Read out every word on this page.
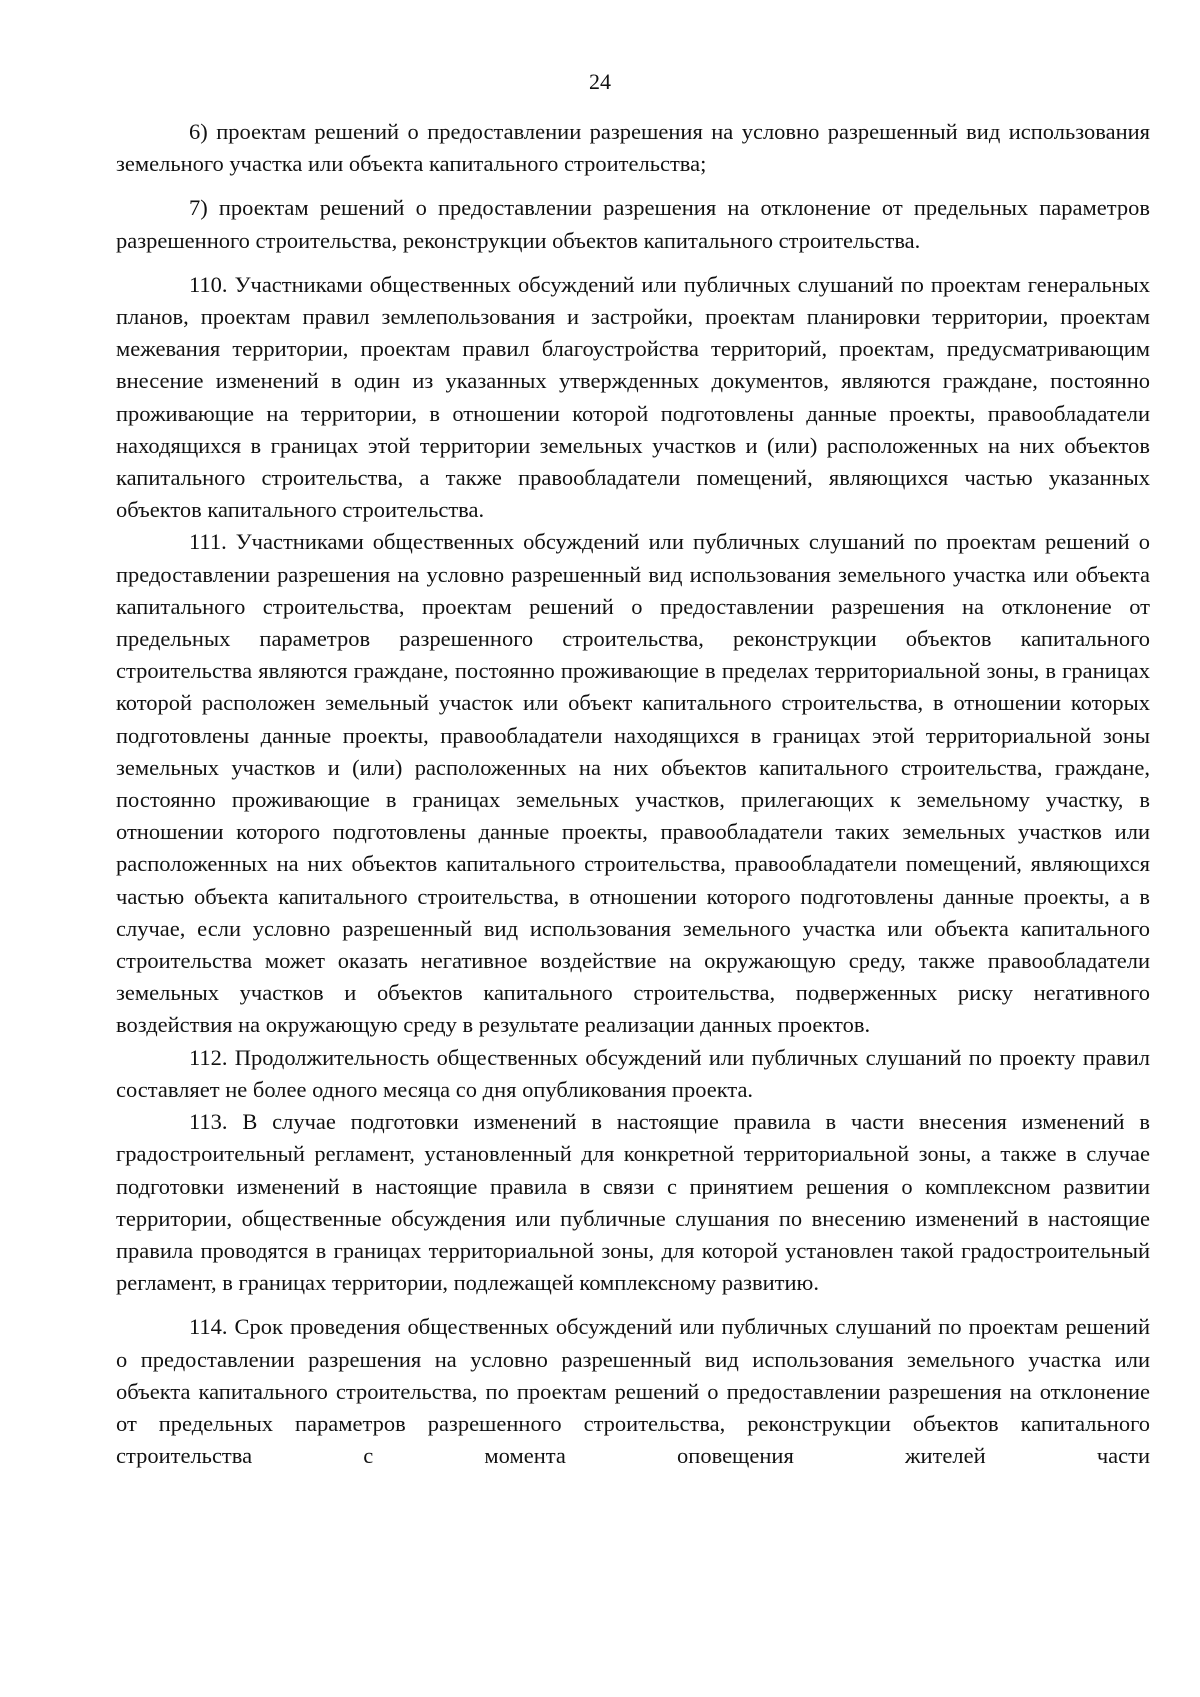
24

6) проектам решений о предоставлении разрешения на условно разрешенный вид использования земельного участка или объекта капитального строительства;

7) проектам решений о предоставлении разрешения на отклонение от предельных параметров разрешенного строительства, реконструкции объектов капитального строительства.

110. Участниками общественных обсуждений или публичных слушаний по проектам генеральных планов, проектам правил землепользования и застройки, проектам планировки территории, проектам межевания территории, проектам правил благоустройства территорий, проектам, предусматривающим внесение изменений в один из указанных утвержденных документов, являются граждане, постоянно проживающие на территории, в отношении которой подготовлены данные проекты, правообладатели находящихся в границах этой территории земельных участков и (или) расположенных на них объектов капитального строительства, а также правообладатели помещений, являющихся частью указанных объектов капитального строительства.

111. Участниками общественных обсуждений или публичных слушаний по проектам решений о предоставлении разрешения на условно разрешенный вид использования земельного участка или объекта капитального строительства, проектам решений о предоставлении разрешения на отклонение от предельных параметров разрешенного строительства, реконструкции объектов капитального строительства являются граждане, постоянно проживающие в пределах территориальной зоны, в границах которой расположен земельный участок или объект капитального строительства, в отношении которых подготовлены данные проекты, правообладатели находящихся в границах этой территориальной зоны земельных участков и (или) расположенных на них объектов капитального строительства, граждане, постоянно проживающие в границах земельных участков, прилегающих к земельному участку, в отношении которого подготовлены данные проекты, правообладатели таких земельных участков или расположенных на них объектов капитального строительства, правообладатели помещений, являющихся частью объекта капитального строительства, в отношении которого подготовлены данные проекты, а в случае, если условно разрешенный вид использования земельного участка или объекта капитального строительства может оказать негативное воздействие на окружающую среду, также правообладатели земельных участков и объектов капитального строительства, подверженных риску негативного воздействия на окружающую среду в результате реализации данных проектов.

112. Продолжительность общественных обсуждений или публичных слушаний по проекту правил составляет не более одного месяца со дня опубликования проекта.

113. В случае подготовки изменений в настоящие правила в части внесения изменений в градостроительный регламент, установленный для конкретной территориальной зоны, а также в случае подготовки изменений в настоящие правила в связи с принятием решения о комплексном развитии территории, общественные обсуждения или публичные слушания по внесению изменений в настоящие правила проводятся в границах территориальной зоны, для которой установлен такой градостроительный регламент, в границах территории, подлежащей комплексному развитию.

114. Срок проведения общественных обсуждений или публичных слушаний по проектам решений о предоставлении разрешения на условно разрешенный вид использования земельного участка или объекта капитального строительства, по проектам решений о предоставлении разрешения на отклонение от предельных параметров разрешенного строительства, реконструкции объектов капитального строительства с момента оповещения жителей части
